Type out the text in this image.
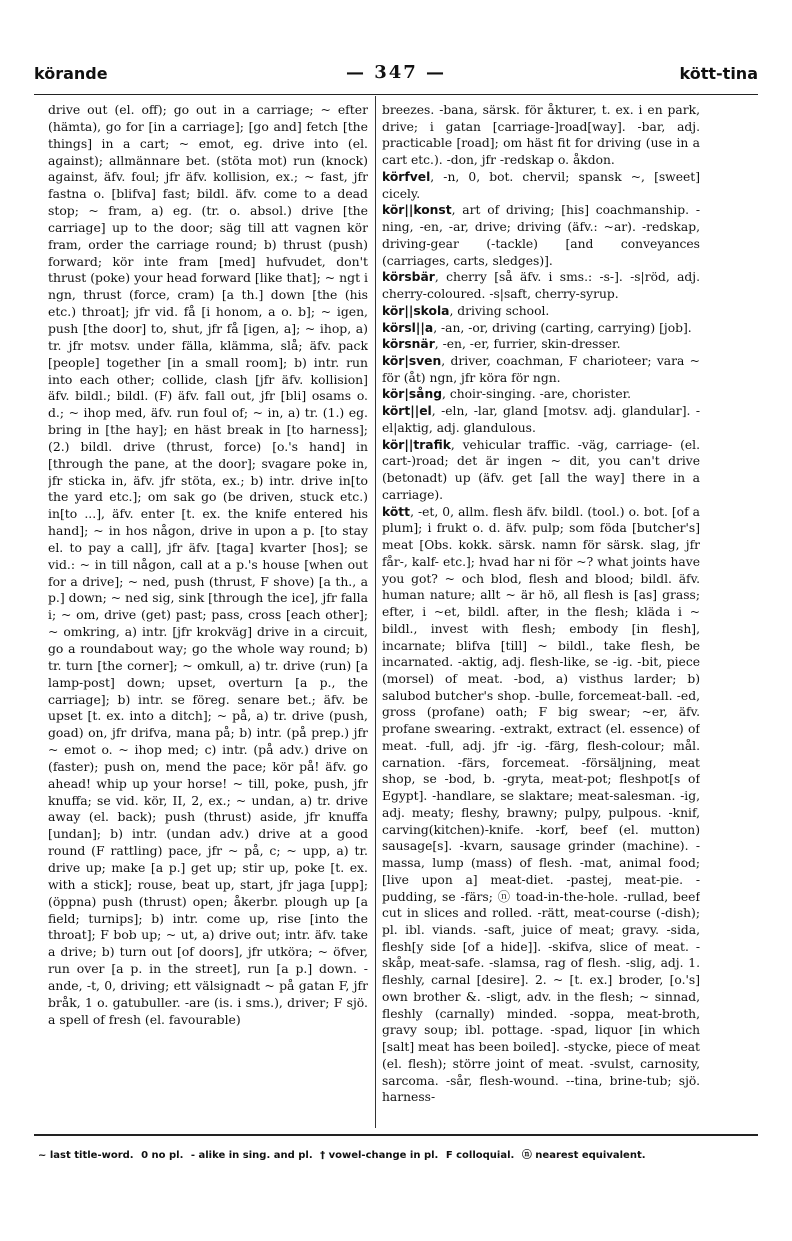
körande	— 347 —	kött-tina

drive out (el. off); go out in a carriage; ~ efter (hämta), go for [in a carriage]; [go and] fetch [the things] in a cart; ~ emot, eg. drive into (el. against); allmännare bet. (stöta mot) run (knock) against, äfv. foul; jfr äfv. kollision, ex.; ~ fast, jfr fastna o. [blifva] fast; bildl. äfv. come to a dead stop; ~ fram, a) eg. (tr. o. absol.) drive [the carriage] up to the door; säg till att vagnen kör fram, order the carriage round; b) thrust (push) forward; kör inte fram [med] hufvudet, don't thrust (poke) your head forward [like that]; ~ ngt i ngn, thrust (force, cram) [a th.] down [the (his etc.) throat]; jfr vid. få [i honom, a o. b]; ~ igen, push [the door] to, shut, jfr få [igen, a]; ~ ihop, a) tr. jfr motsv. under fälla, klämma, slå; äfv. pack [people] together [in a small room]; b) intr. run into each other; collide, clash [jfr äfv. kollision] äfv. bildl.; bildl. (F) äfv. fall out, jfr [bli] osams o. d.; ~ ihop med, äfv. run foul of; ~ in, a) tr. (1.) eg. bring in [the hay]; en häst break in [to harness]; (2.) bildl. drive (thrust, force) [o.'s hand] in [through the pane, at the door]; svagare poke in, jfr sticka in, äfv. jfr stöta, ex.; b) intr. drive in[to the yard etc.]; om sak go (be driven, stuck etc.) in[to ...], äfv. enter [t. ex. the knife entered his hand]; ~ in hos någon, drive in upon a p. [to stay el. to pay a call], jfr äfv. [taga] kvarter [hos]; se vid.: ~ in till någon, call at a p.'s house [when out for a drive]; ~ ned, push (thrust, F shove) [a th., a p.] down; ~ ned sig, sink [through the ice], jfr falla i; ~ om, drive (get) past; pass, cross [each other]; ~ omkring, a) intr. [jfr krokväg] drive in a circuit, go a roundabout way; go the whole way round; b) tr. turn [the corner]; ~ omkull, a) tr. drive (run) [a lamp-post] down; upset, overturn [a p., the carriage]; b) intr. se föreg. senare bet.; äfv. be upset [t. ex. into a ditch]; ~ på, a) tr. drive (push, goad) on, jfr drifva, mana på; b) intr. (på prep.) jfr ~ emot o. ~ ihop med; c) intr. (på adv.) drive on (faster); push on, mend the pace; kör på! äfv. go ahead! whip up your horse! ~ till, poke, push, jfr knuffa; se vid. kör, II, 2, ex.; ~ undan, a) tr. drive away (el. back); push (thrust) aside, jfr knuffa [undan]; b) intr. (undan adv.) drive at a good round (F rattling) pace, jfr ~ på, c; ~ upp, a) tr. drive up; make [a p.] get up; stir up, poke [t. ex. with a stick]; rouse, beat up, start, jfr jaga [upp]; (öppna) push (thrust) open; åkerbr. plough up [a field; turnips]; b) intr. come up, rise [into the throat]; F bob up; ~ ut, a) drive out; intr. äfv. take a drive; b) turn out [of doors], jfr utköra; ~ öfver, run over [a p. in the street], run [a p.] down. -ande, -t, 0, driving; ett välsignadt ~ på gatan F, jfr bråk, 1 o. gatubuller. -are (is. i sms.), driver; F sjö. a spell of fresh (el. favourable)

breezes. -bana, särsk. för åkturer, t. ex. i en park, drive; i gatan [carriage-]road[way]. -bar, adj. practicable [road]; om häst fit for driving (use in a cart etc.). -don, jfr -redskap o. åkdon.

körfvel, -n, 0, bot. chervil; spansk ~, [sweet] cicely.

kör||konst, art of driving; [his] coachmanship. -ning, -en, -ar, drive; driving (äfv.: ~ar). -redskap, driving-gear (-tackle) [and conveyances (carriages, carts, sledges)].

körsbär, cherry [så äfv. i sms.: -s-]. -s|röd, adj. cherry-coloured. -s|saft, cherry-syrup.

kör||skola, driving school.

körsl||a, -an, -or, driving (carting, carrying) [job].

körsnär, -en, -er, furrier, skin-dresser.

kör|sven, driver, coachman, F charioteer; vara ~ för (åt) ngn, jfr köra för ngn.

kör|sång, choir-singing. -are, chorister.

kört||el, -eln, -lar, gland [motsv. adj. glandular]. -el|aktig, adj. glandulous.

kör||trafik, vehicular traffic. -väg, carriage- (el. cart-)road; det är ingen ~ dit, you can't drive (betonadt) up (äfv. get [all the way] there in a carriage).

kött, -et, 0, allm. flesh äfv. bildl. (tool.) o. bot. [of a plum]; i frukt o. d. äfv. pulp; som föda [butcher's] meat [Obs. kokk. särsk. namn för särsk. slag, jfr får-, kalf- etc.]; hvad har ni för ~? what joints have you got? ~ och blod, flesh and blood; bildl. äfv. human nature; allt ~ är hö, all flesh is [as] grass; efter, i ~et, bildl. after, in the flesh; kläda i ~ bildl., invest with flesh; embody [in flesh], incarnate; blifva [till] ~ bildl., take flesh, be incarnated. -aktig, adj. flesh-like, se -ig. -bit, piece (morsel) of meat. -bod, a) visthus larder; b) salubod butcher's shop. -bulle, forcemeat-ball. -ed, gross (profane) oath; F big swear; ~er, äfv. profane swearing. -extrakt, extract (el. essence) of meat. -full, adj. jfr -ig. -färg, flesh-colour; mål. carnation. -färs, forcemeat. -försäljning, meat shop, se -bod, b. -gryta, meat-pot; fleshpot[s of Egypt]. -handlare, se slaktare; meat-salesman. -ig, adj. meaty; fleshy, brawny; pulpy, pulpous. -knif, carving(kitchen)-knife. -korf, beef (el. mutton) sausage[s]. -kvarn, sausage grinder (machine). -massa, lump (mass) of flesh. -mat, animal food; [live upon a] meat-diet. -pastej, meat-pie. -pudding, se -färs; ⓝ toad-in-the-hole. -rullad, beef cut in slices and rolled. -rätt, meat-course (-dish); pl. ibl. viands. -saft, juice of meat; gravy. -sida, flesh[y side [of a hide]]. -skifva, slice of meat. -skåp, meat-safe. -slamsa, rag of flesh. -slig, adj. 1. fleshly, carnal [desire]. 2. ~ [t. ex.] broder, [o.'s] own brother &. -sligt, adv. in the flesh; ~ sinnad, fleshly (carnally) minded. -soppa, meat-broth, gravy soup; ibl. pottage. -spad, liquor [in which [salt] meat has been boiled]. -stycke, piece of meat (el. flesh); större joint of meat. -svulst, carnosity, sarcoma. -sår, flesh-wound. --tina, brine-tub; sjö. harness-

~ last title-word. 0 no pl. - alike in sing. and pl. † vowel-change in pl. F colloquial. ⓝ nearest equivalent.
